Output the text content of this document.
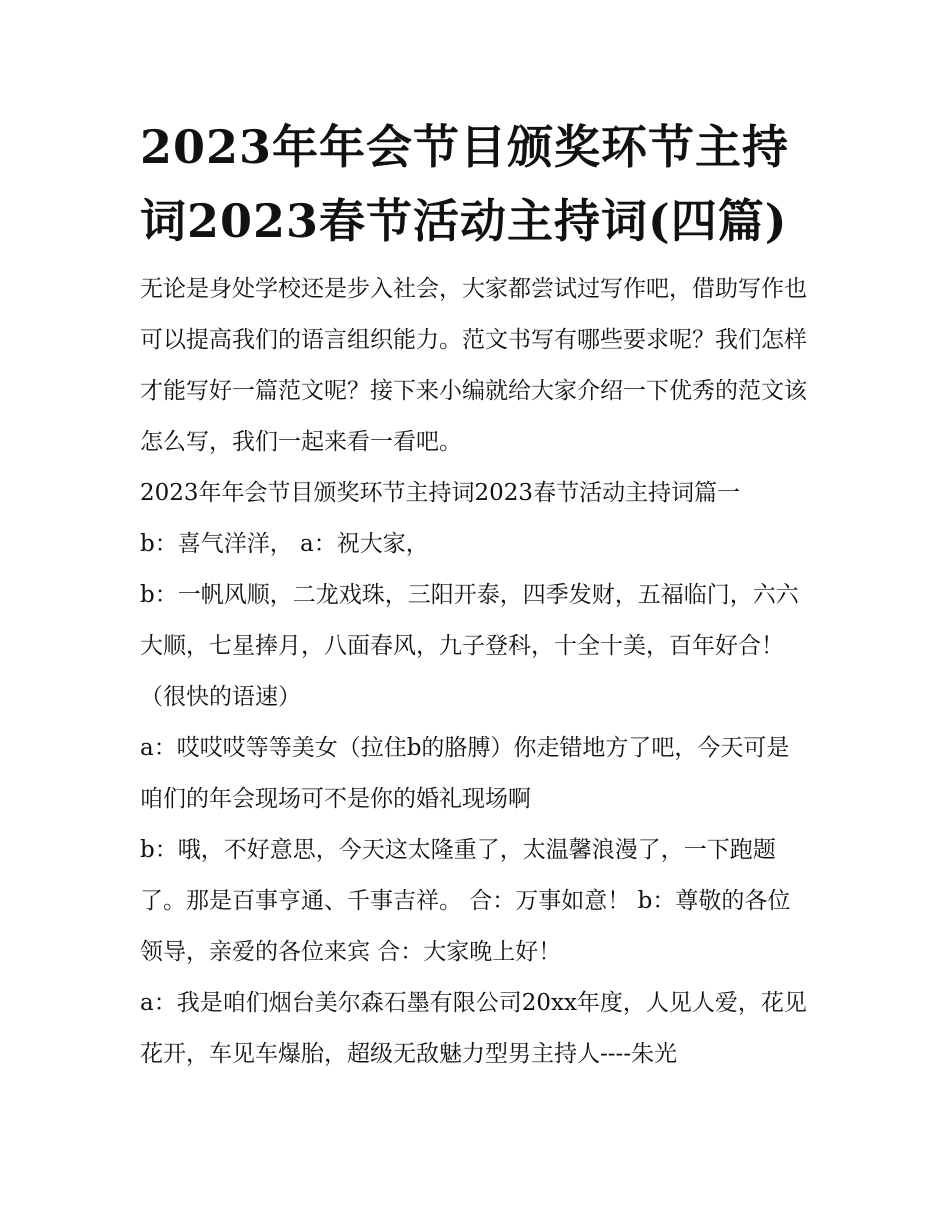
2023年年会节目颁奖环节主持词2023春节活动主持词(四篇)

无论是身处学校还是步入社会，大家都尝试过写作吧，借助写作也可以提高我们的语言组织能力。范文书写有哪些要求呢？我们怎样才能写好一篇范文呢？接下来小编就给大家介绍一下优秀的范文该怎么写，我们一起来看一看吧。

2023年年会节目颁奖环节主持词2023春节活动主持词篇一

b：喜气洋洋， a：祝大家，

b：一帆风顺，二龙戏珠，三阳开泰，四季发财，五福临门，六六大顺，七星捧月，八面春风，九子登科，十全十美，百年好合！（很快的语速）

a：哎哎哎等等美女（拉住b的胳膊）你走错地方了吧，今天可是咱们的年会现场可不是你的婚礼现场啊

b：哦，不好意思，今天这太隆重了，太温馨浪漫了，一下跑题了。那是百事亨通、千事吉祥。 合：万事如意！ b：尊敬的各位领导，亲爱的各位来宾 合：大家晚上好！

a：我是咱们烟台美尔森石墨有限公司20xx年度，人见人爱，花见花开，车见车爆胎，超级无敌魅力型男主持人----朱光
